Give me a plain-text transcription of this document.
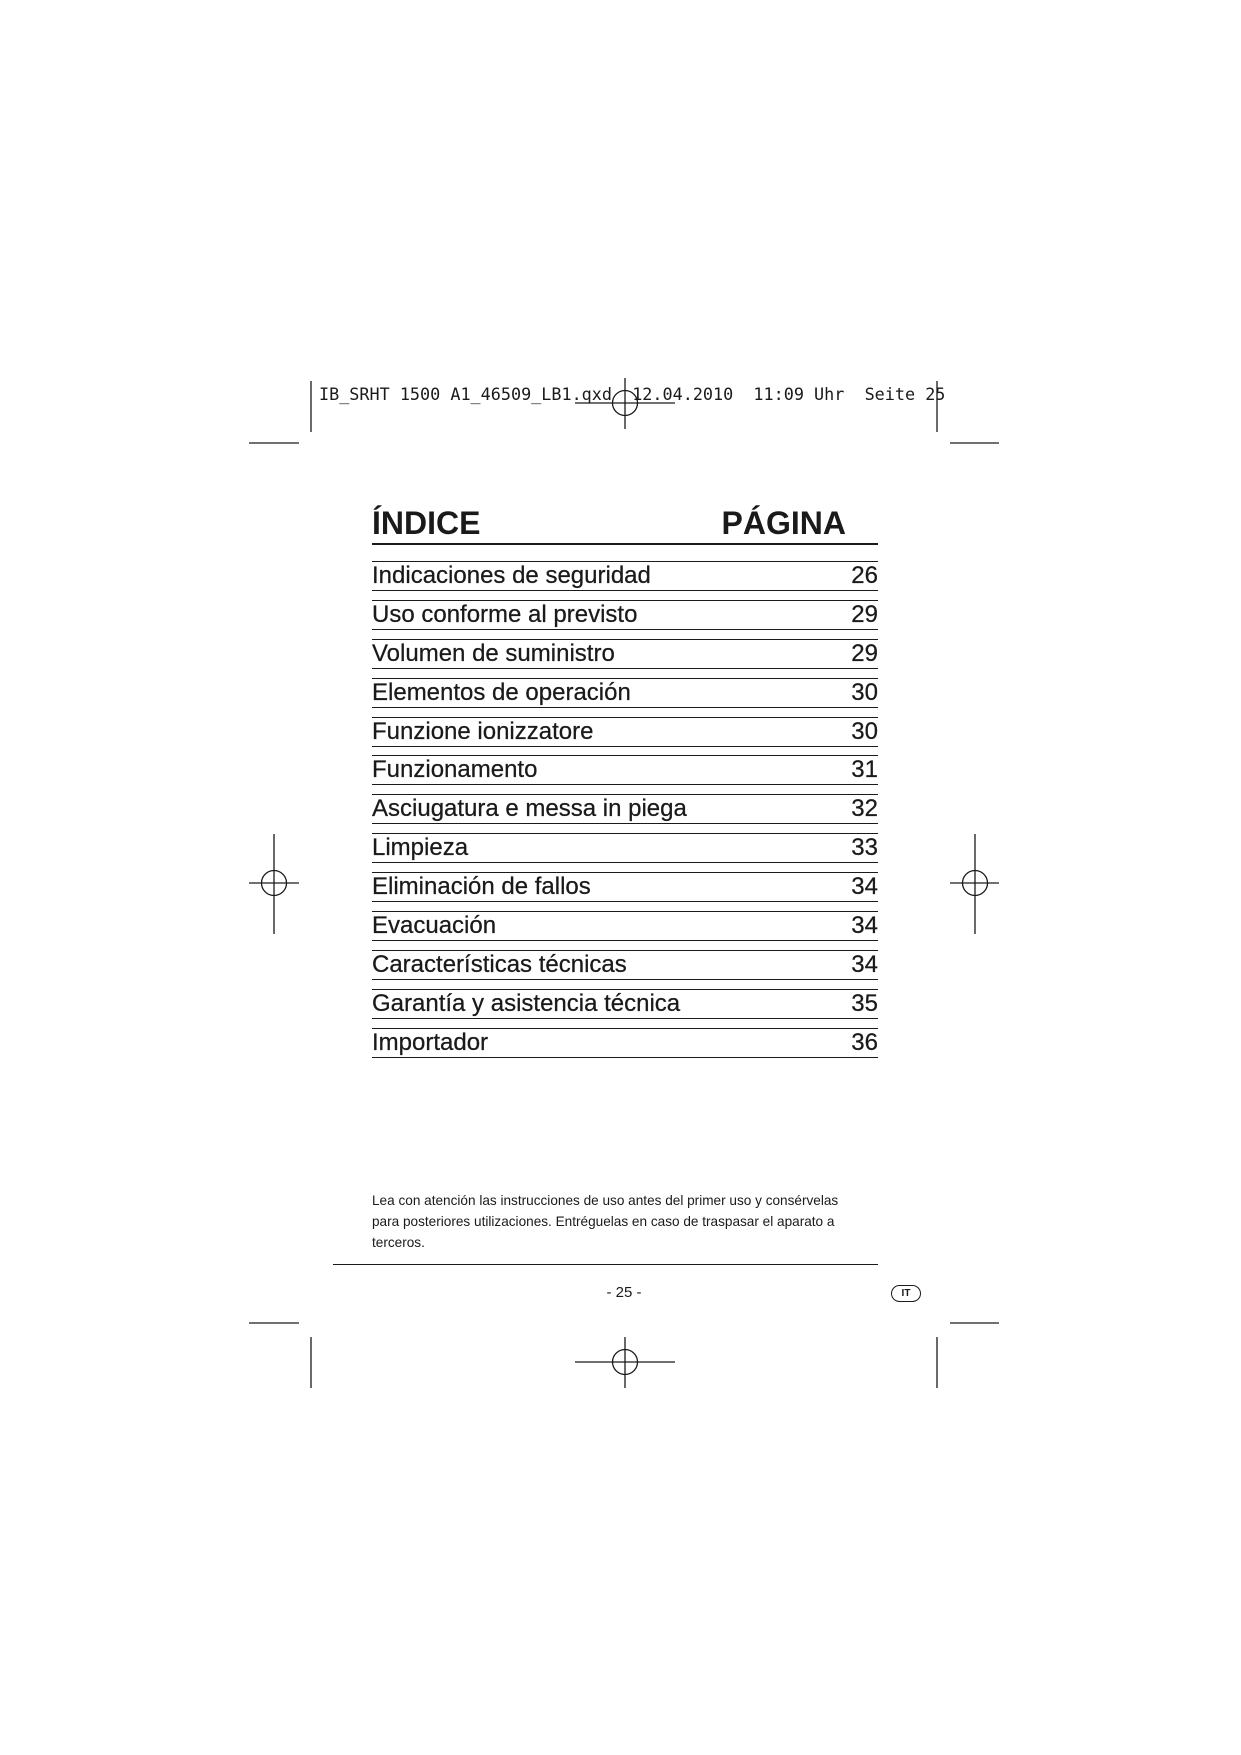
IB_SRHT 1500 A1_46509_LB1.qxd  12.04.2010  11:09 Uhr  Seite 25
ÍNDICE	PÁGINA
Indicaciones de seguridad	26
Uso conforme al previsto	29
Volumen de suministro	29
Elementos de operación	30
Funzione ionizzatore	30
Funzionamento	31
Asciugatura e messa in piega	32
Limpieza	33
Eliminación de fallos	34
Evacuación	34
Características técnicas	34
Garantía y asistencia técnica	35
Importador	36
Lea con atención las instrucciones de uso antes del primer uso y consérvelas
para posteriores utilizaciones. Entréguelas en caso de traspasar el aparato a
terceros.
- 25 -	IT
